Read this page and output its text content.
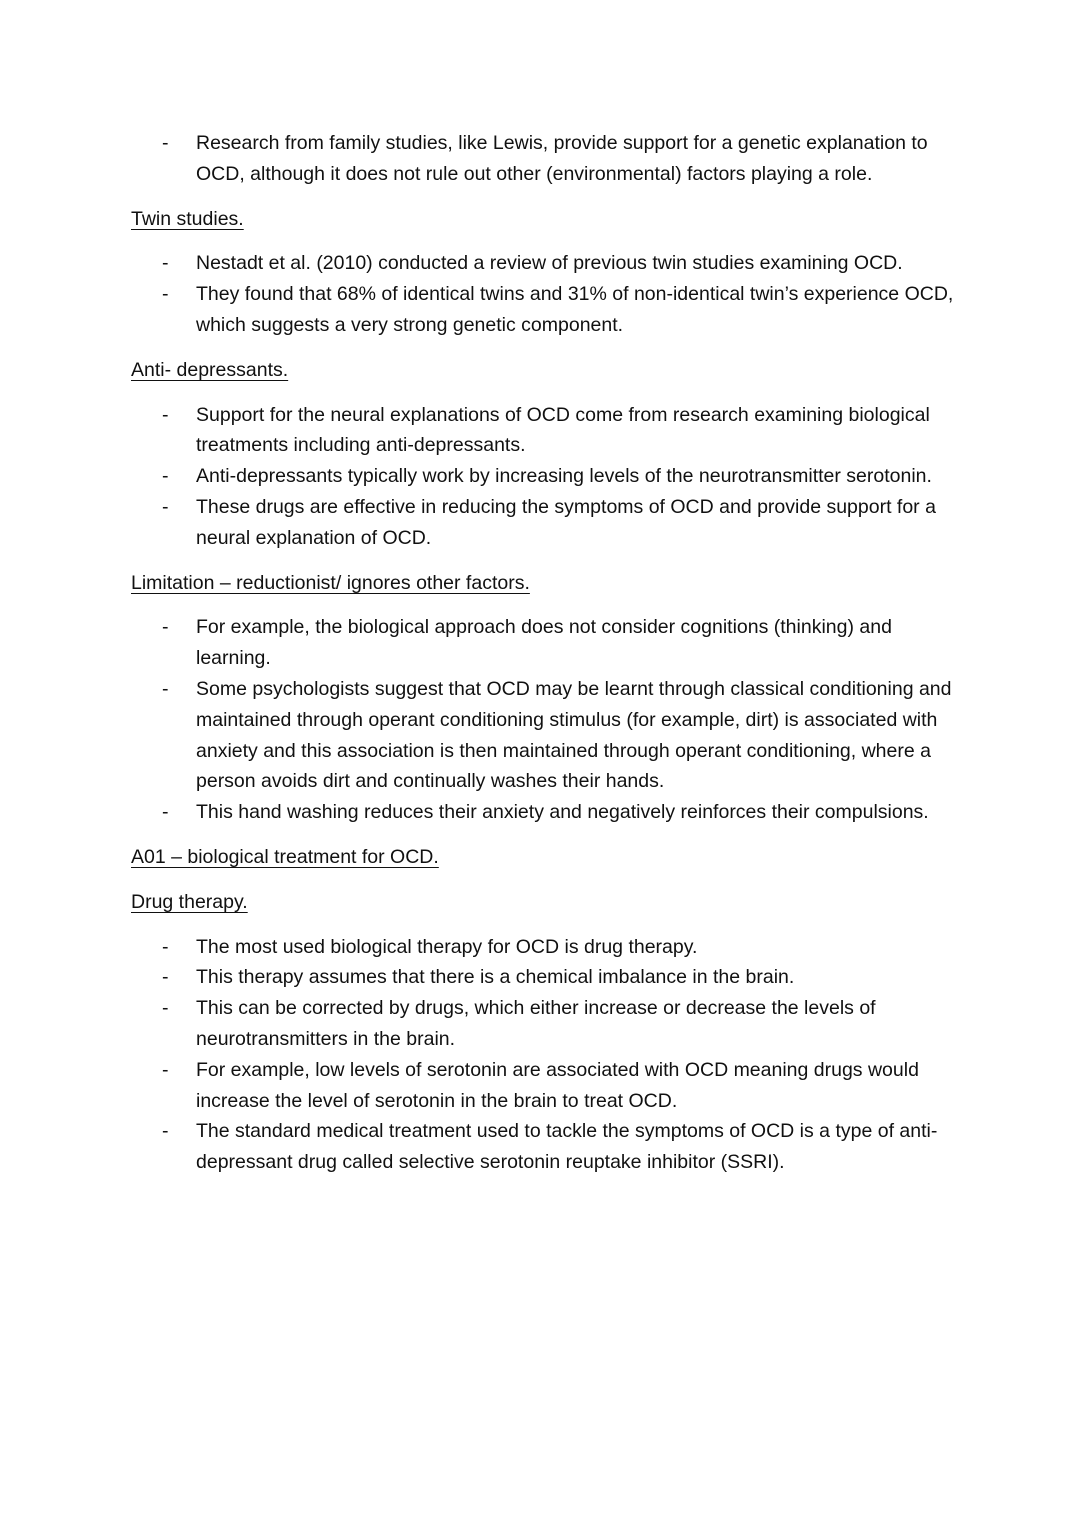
- Research from family studies, like Lewis, provide support for a genetic explanation to OCD, although it does not rule out other (environmental) factors playing a role.
Twin studies.
- Nestadt et al. (2010) conducted a review of previous twin studies examining OCD.
- They found that 68% of identical twins and 31% of non-identical twin’s experience OCD, which suggests a very strong genetic component.
Anti- depressants.
- Support for the neural explanations of OCD come from research examining biological treatments including anti-depressants.
- Anti-depressants typically work by increasing levels of the neurotransmitter serotonin.
- These drugs are effective in reducing the symptoms of OCD and provide support for a neural explanation of OCD.
Limitation – reductionist/ ignores other factors.
- For example, the biological approach does not consider cognitions (thinking) and learning.
- Some psychologists suggest that OCD may be learnt through classical conditioning and maintained through operant conditioning stimulus (for example, dirt) is associated with anxiety and this association is then maintained through operant conditioning, where a person avoids dirt and continually washes their hands.
- This hand washing reduces their anxiety and negatively reinforces their compulsions.
A01 – biological treatment for OCD.
Drug therapy.
- The most used biological therapy for OCD is drug therapy.
- This therapy assumes that there is a chemical imbalance in the brain.
- This can be corrected by drugs, which either increase or decrease the levels of neurotransmitters in the brain.
- For example, low levels of serotonin are associated with OCD meaning drugs would increase the level of serotonin in the brain to treat OCD.
- The standard medical treatment used to tackle the symptoms of OCD is a type of anti-depressant drug called selective serotonin reuptake inhibitor (SSRI).
